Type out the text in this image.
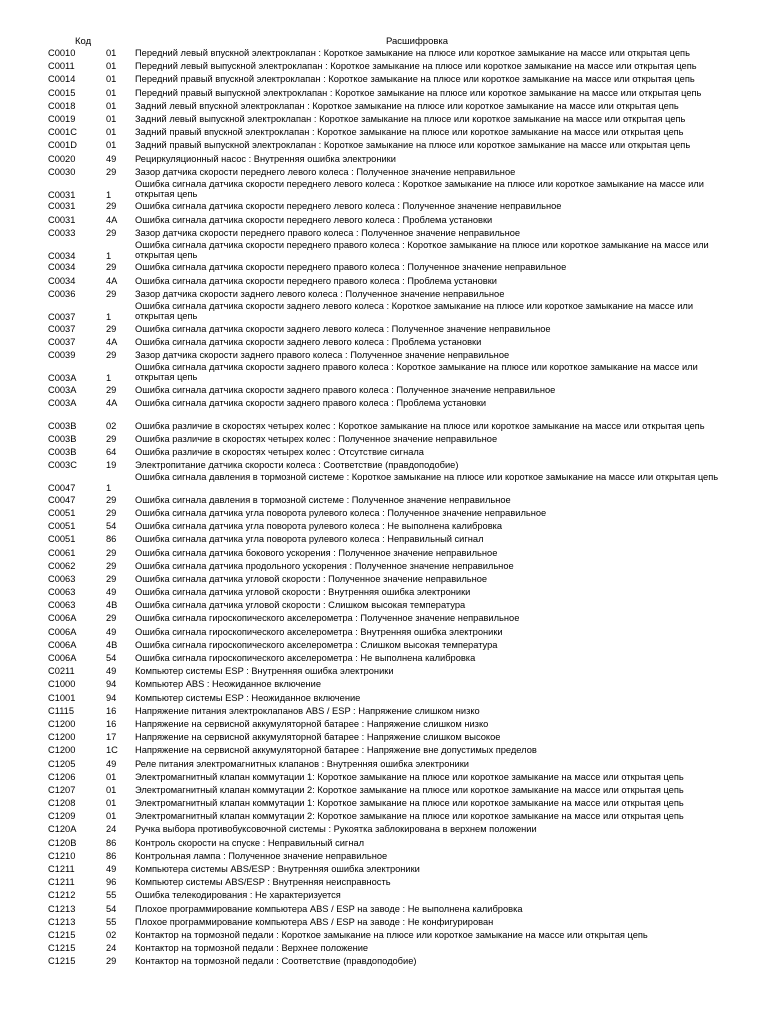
Код	Расшифровка
C0010	01 Передний левый впускной электроклапан : Короткое замыкание на плюсе или короткое замыкание на массе или открытая цепь
C0011	01 Передний левый выпускной электроклапан : Короткое замыкание на плюсе или короткое замыкание на массе или открытая цепь
C0014	01 Передний правый впускной электроклапан : Короткое замыкание на плюсе или короткое замыкание на массе или открытая цепь
C0015	01 Передний правый выпускной электроклапан : Короткое замыкание на плюсе или короткое замыкание на массе или открытая цепь
C0018	01 Задний левый впускной электроклапан : Короткое замыкание на плюсе или короткое замыкание на массе или открытая цепь
C0019	01 Задний левый выпускной электроклапан : Короткое замыкание на плюсе или короткое замыкание на массе или открытая цепь
C001C	01 Задний правый впускной электроклапан : Короткое замыкание на плюсе или короткое замыкание на массе или открытая цепь
C001D	01 Задний правый выпускной электроклапан : Короткое замыкание на плюсе или короткое замыкание на массе или открытая цепь
C0020	49 Рециркуляционный насос : Внутренняя ошибка электроники
C0030	29 Зазор датчика скорости переднего левого колеса : Полученное значение неправильное
C0031	1
Ошибка сигнала датчика скорости переднего левого колеса : Короткое замыкание на плюсе или короткое замыкание на массе или открытая цепь
C0031	29 Ошибка сигнала датчика скорости переднего левого колеса : Полученное значение неправильное
C0031	4A Ошибка сигнала датчика скорости переднего левого колеса : Проблема установки
C0033	29 Зазор датчика скорости переднего правого колеса : Полученное значение неправильное
C0034	1
Ошибка сигнала датчика скорости переднего правого колеса : Короткое замыкание на плюсе или короткое замыкание на массе или открытая цепь
C0034	29 Ошибка сигнала датчика скорости переднего правого колеса : Полученное значение неправильное
C0034	4A Ошибка сигнала датчика скорости переднего правого колеса : Проблема установки
C0036	29 Зазор датчика скорости заднего левого колеса : Полученное значение неправильное
C0037	1
Ошибка сигнала датчика скорости заднего левого колеса : Короткое замыкание на плюсе или короткое замыкание на массе или открытая цепь
C0037	29 Ошибка сигнала датчика скорости заднего левого колеса : Полученное значение неправильное
C0037	4A Ошибка сигнала датчика скорости заднего левого колеса : Проблема установки
C0039	29 Зазор датчика скорости заднего правого колеса : Полученное значение неправильное
C003A	1
Ошибка сигнала датчика скорости заднего правого колеса : Короткое замыкание на плюсе или короткое замыкание на массе или открытая цепь
C003A	29 Ошибка сигнала датчика скорости заднего правого колеса : Полученное значение неправильное
C003A	4A Ошибка сигнала датчика скорости заднего правого колеса : Проблема установки
C003B	02 Ошибка различие в скоростях четырех колес : Короткое замыкание на плюсе или короткое замыкание на массе или открытая цепь
C003B	29 Ошибка различие в скоростях четырех колес : Полученное значение неправильное
C003B	64 Ошибка различие в скоростях четырех колес : Отсутствие сигнала
C003C	19 Электропитание датчика скорости колеса : Соответствие (правдоподобие)
C0047	1
Ошибка сигнала давления в тормозной системе : Короткое замыкание на плюсе или короткое замыкание на массе или открытая цепь
C0047	29 Ошибка сигнала давления в тормозной системе : Полученное значение неправильное
C0051	29 Ошибка сигнала датчика угла поворота рулевого колеса : Полученное значение неправильное
C0051	54 Ошибка сигнала датчика угла поворота рулевого колеса : Не выполнена калибровка
C0051	86 Ошибка сигнала датчика угла поворота рулевого колеса : Неправильный сигнал
C0061	29 Ошибка сигнала датчика бокового ускорения : Полученное значение неправильное
C0062	29 Ошибка сигнала датчика продольного ускорения : Полученное значение неправильное
C0063	29 Ошибка сигнала датчика угловой скорости : Полученное значение неправильное
C0063	49 Ошибка сигнала датчика угловой скорости : Внутренняя ошибка электроники
C0063	4B Ошибка сигнала датчика угловой скорости : Слишком высокая температура
C006A	29 Ошибка сигнала гироскопического акселерометра : Полученное значение неправильное
C006A	49 Ошибка сигнала гироскопического акселерометра : Внутренняя ошибка электроники
C006A	4B Ошибка сигнала гироскопического акселерометра : Слишком высокая температура
C006A	54 Ошибка сигнала гироскопического акселерометра : Не выполнена калибровка
C0211	49 Компьютер системы ESP : Внутренняя ошибка электроники
C1000	94 Компьютер ABS : Неожиданное включение
C1001	94 Компьютер системы ESP : Неожиданное включение
C1115	16 Напряжение питания электроклапанов ABS / ESP : Напряжение слишком низко
C1200	16 Напряжение на сервисной аккумуляторной батарее : Напряжение слишком низко
C1200	17 Напряжение на сервисной аккумуляторной батарее : Напряжение слишком высокое
C1200	1C Напряжение на сервисной аккумуляторной батарее : Напряжение вне допустимых пределов
C1205	49 Реле питания электромагнитных клапанов : Внутренняя ошибка электроники
C1206	01 Электромагнитный клапан коммутации 1: Короткое замыкание на плюсе или короткое замыкание на массе или открытая цепь
C1207	01 Электромагнитный клапан коммутации 2: Короткое замыкание на плюсе или короткое замыкание на массе или открытая цепь
C1208	01 Электромагнитный клапан коммутации 1: Короткое замыкание на плюсе или короткое замыкание на массе или открытая цепь
C1209	01 Электромагнитный клапан коммутации 2: Короткое замыкание на плюсе или короткое замыкание на массе или открытая цепь
C120A	24 Ручка выбора противобуксовочной системы : Рукоятка заблокирована в верхнем положении
C120B	86 Контроль скорости на спуске : Неправильный сигнал
C1210	86 Контрольная лампа : Полученное значение неправильное
C1211	49 Компьютера системы ABS/ESP : Внутренняя ошибка электроники
C1211	96 Компьютер системы ABS/ESP : Внутренняя неисправность
C1212	55 Ошибка телекодирования : Не характеризуется
C1213	54 Плохое программирование компьютера ABS / ESP на заводе : Не выполнена калибровка
C1213	55 Плохое программирование компьютера ABS / ESP на заводе : Не конфигурирован
C1215	02 Контактор на тормозной педали : Короткое замыкание на плюсе или короткое замыкание на массе или открытая цепь
C1215	24 Контактор на тормозной педали : Верхнее положение
C1215	29 Контактор на тормозной педали : Соответствие (правдоподобие)
